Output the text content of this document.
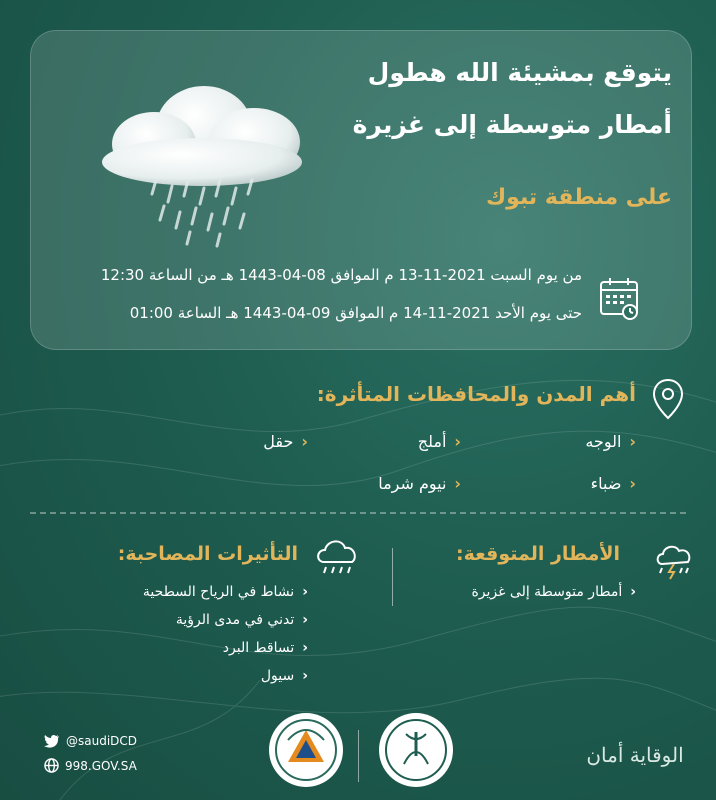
يتوقع بمشيئة الله هطول
أمطار متوسطة إلى غزيرة
على منطقة تبوك
من يوم السبت 2021-11-13 م الموافق 08-04-1443 هـ من الساعة 12:30
حتى يوم الأحد 2021-11-14 م الموافق 09-04-1443 هـ الساعة 01:00
أهم المدن والمحافظات المتأثرة:
‹الوجه
‹أملج
‹حقل
‹ضباء
‹نيوم شرما
الأمطار المتوقعة:
‹أمطار متوسطة إلى غزيرة
التأثيرات المصاحبة:
‹نشاط في الرياح السطحية
‹تدني في مدى الرؤية
‹تساقط البرد
‹سيول
@saudiDCD
998.GOV.SA	الوقاية أمان
